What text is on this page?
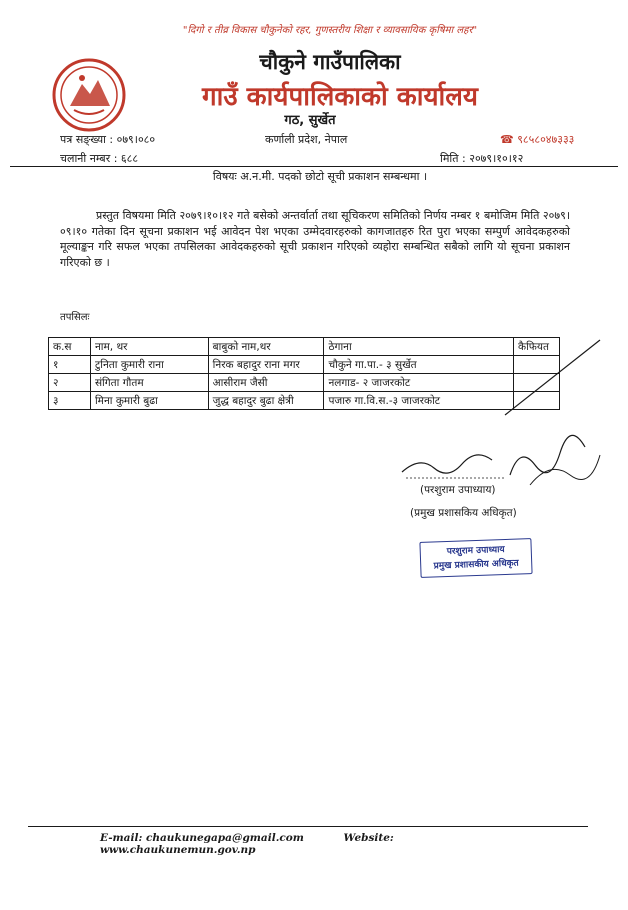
"दिगो र तीव्र विकास चौकुनेको रहर, गुणस्तरीय शिक्षा र व्यावसायिक कृषिमा लहर"
चौकुने गाउँपालिका
गाउँ कार्यपालिकाको कार्यालय
गठ, सुर्खेत
पत्र सङ्ख्या : ०७९।०८०	कर्णाली प्रदेश, नेपाल	☎ ९८५८०४७३३३
चलानी नम्बर : ६८८	मिति : २०७९।१०।१२
विषयः अ.न.मी. पदको छोटो सूची प्रकाशन सम्बन्धमा ।
प्रस्तुत विषयमा मिति २०७९।१०।१२ गते बसेको अन्तर्वार्ता तथा सूचिकरण समितिको निर्णय नम्बर १ बमोजिम मिति २०७९।०९।१० गतेका दिन सूचना प्रकाशन भई आवेदन पेश भएका उम्मेदवारहरुको कागजातहरु रित पुरा भएका सम्पुर्ण आवेदकहरुको मूल्याङ्कन गरि सफल भएका तपसिलका आवेदकहरुको सूची प्रकाशन गरिएको व्यहोरा सम्बन्धित सबैको लागि यो सूचना प्रकाशन गरिएको छ ।
तपसिलः
क.स	नाम, थर	बाबुको नाम,थर	ठेगाना	कैफियत
१	टुनिता कुमारी राना	निरक बहादुर राना मगर	चौकुने गा.पा.- ३ सुर्खेत	
२	संगिता गौतम	आसीराम जैसी	नलगाड- २ जाजरकोट	
३	मिना कुमारी बुढा	जुद्ध बहादुर बुढा क्षेत्री	पजारु गा.वि.स.-३ जाजरकोट	
(परशुराम उपाध्याय)
(प्रमुख प्रशासकिय अधिकृत)
परशुराम उपाध्याय
प्रमुख प्रशासकीय अधिकृत
E-mail: chaukunegapa@gmail.com	Website: www.chaukunemun.gov.np
